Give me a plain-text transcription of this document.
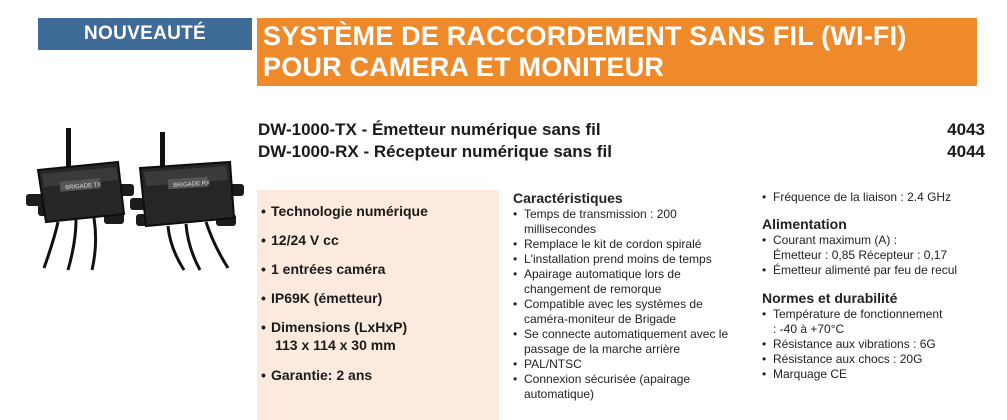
NOUVEAUTÉ	SYSTÈME DE RACCORDEMENT SANS FIL (WI-FI)
POUR CAMERA ET MONITEUR
DW-1000-TX - Émetteur numérique sans fil	4043
DW-1000-RX - Récepteur numérique sans fil	4044
BRIGADE TX	BRIGADE RX
• Technologie numérique
• 12/24 V cc
• 1 entrées caméra
• IP69K (émetteur)
• Dimensions (LxHxP)
113 x 114 x 30 mm
• Garantie: 2 ans
Caractéristiques
• Temps de transmission : 200
millisecondes
• Remplace le kit de cordon spiralé
• L'installation prend moins de temps
• Apairage automatique lors de
changement de remorque
• Compatible avec les systèmes de
caméra-moniteur de Brigade
• Se connecte automatiquement avec le
passage de la marche arrière
• PAL/NTSC
• Connexion sécurisée (apairage
automatique)
• Fréquence de la liaison : 2.4 GHz
Alimentation
• Courant maximum (A) :
Émetteur : 0,85 Récepteur : 0,17
• Émetteur alimenté par feu de recul
Normes et durabilité
• Température de fonctionnement
: -40 à +70°C
• Résistance aux vibrations : 6G
• Résistance aux chocs : 20G
• Marquage CE
